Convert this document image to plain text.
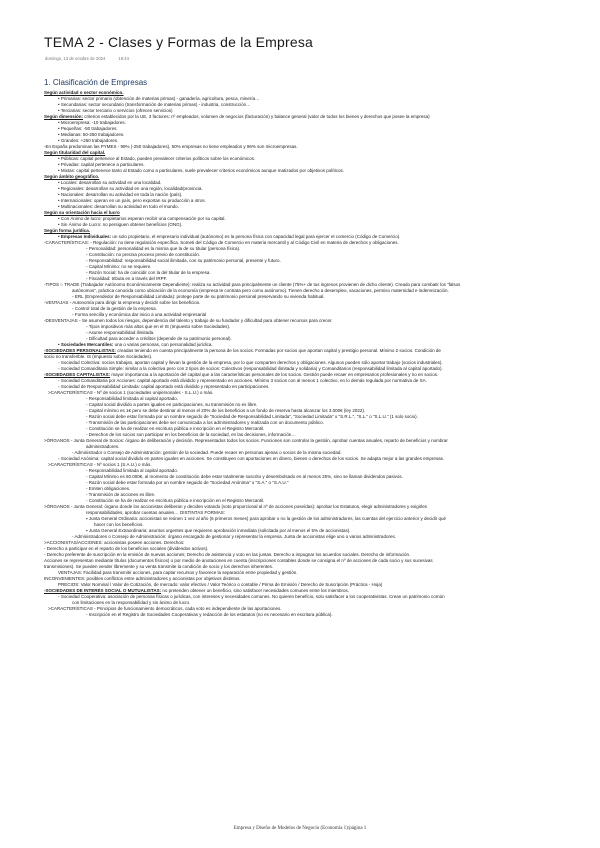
TEMA 2 - Clases y Formas de la Empresa
domingo, 13 de octubre de 2024	18:44
1. Clasificación de Empresas
Según actividad o sector económico.
• Primarias: sector primario (obtención de materias primas) - ganadería, agricultura, pesca, minería…
• Secundarias: sector secundario (transformación de materias primas) - industria, construcción…
• Terciarias: sector terciario o servicios (ofrecen servicios)
Según dimensión: criterios establecidos por la UE, 3 factores: nº empleados, volumen de negocios (facturación) y balance general (valor de todos los bienes y derechos que posee la empresa)
• Microempresa: -10 trabajadores.
• Pequeñas: -50 trabajadores.
• Medianas: 50-250 trabajadores.
• Grandes: +250 trabajadores.
-En España predominan las PYMES - 99% (-250 trabajadores), 50% empresas no tiene empleados y 96% son microempresas.
Según titularidad del capital.
• Públicas: capital pertenece al Estado, pueden prevalecer criterios políticos sobre los económicos.
• Privadas: capital pertenece a particulares.
• Mixtas: capital pertenece tanto al Estado como a particulares, suele prevalecer criterios económicos aunque matizados por objetivos políticos.
Según ámbito geográfico.
• Locales: desarrollan su actividad en una localidad.
• Regionales: desarrollan su actividad en una región, localidad/provincia.
• Nacionales: desarrollan su actividad en toda la nación (país).
• Internacionales: operan en un país, pero exportan su producción a otros.
• Multinacionales: desarrollan su actividad en todo el mundo.
Según su orientación hacia el lucro
• Con Ánimo de lucro: propietarios esperan recibir una compensación por su capital.
• Sin Ánimo de Lucro: no persiguen obtener beneficios (ONG).
Según forma jurídica.
• Empresas Individuales: un solo propietario, el empresario individual (autónomo) es la persona física con capacidad legal para ejercer el comercio (Código de Comercio).
-CARACTERÍSTICAS: ◦ Regulación: no tiene regulación específica. Someti del Código de Comercio en materia mercantil y al Código Civil en materia de derechos y obligaciones.
◦ Personalidad: personalidad es la misma que la de su titular (persona física).
◦ Constitución: no precisa proceso previo de constitución.
◦ Responsabilidad: responsabilidad social ilimitada, con su patrimonio personal, presente y futuro.
◦ Capital Mínimo: no se requiere.
◦ Razón Social: ha de coincidir con la del titular de la empresa.
◦ Fiscalidad: tributa en a través del IRPF.
-TIPOS ○ TRADE (Trabajador Autónomo Económicamente Dependiente): realiza su actividad para principalmente un cliente (75%+ de tus ingresos provienen de dicho cliente). Creado para combatir los "falsos
autónomos", práctica conocida como ubicación de la economía (empresa te contrata pero como autónomo). Tienen derecho a desempleo, vacaciones, permiso maternidad e indemnización.
◦ ERL (Emprendedor de Responsabilidad Limitada): protege parte de su patrimonio personal preservando su vivienda habitual.
-VENTAJAS ◦ Autonomía para dirigir la empresa y decidir sobre los beneficios.
◦ Control total de la gestión de la empresa.
◦ Forma sencilla y económica dar inicio a una actividad empresarial
-DESVENTAJAS ◦ Se asumen todos los riesgos, dependencia del talento y trabajo de su fundador y dificultad para obtener recursos para crecer.
◦ Tipos impositivos más altos que en el IS (Impuesto sobre Sociedades).
◦ Asume responsabilidad ilimitada.
◦ Dificultad para acceder a créditos (depende de su patrimonio personal).
• Sociedades Mercantiles: una o varias personas, con personalidad jurídica.
-SOCIEDADES PERSONALISTAS: creadas teniendo en cuenta principalmente la persona de los socios. Formadas por socios que aportan capital y prestigio personal. Mínimo 2 socios. Condición de
socio no transferible. IS (Impuesto sobre Sociedades).
◦ Sociedad Colectiva: socios trabajan, aportan capital y llevan la gestión de la empresa, por lo que comparten derechos y obligaciones. Algunos pueden sólo aportar trabajo (socios industriales).
◦ Sociedad Comanditaria Simple: similar a la colectiva pero con 2 tipos de socios: Colectivos (responsabilidad ilimitada y solidaria) y Comanditarios (responsabilidad limitada al capital aportado).
-SOCIEDADES CAPITALISTAS: mayor importancia a la aportación del capital que a las características personales de los socios. Gestión puede recaer en empresarios profesionales y no en socios.
◦ Sociedad Comanditaria por Acciones: capital aportado está dividido y representado en acciones. Mínimo 3 socios con al menos 1 colectivo, en lo demás regulada por normativa de SA.
◦ Sociedad de Responsabilidad Limitada: capital aportado está dividido y representado en participaciones.
>CARACTERÍSTICAS - Nº de socios 1 (sociedades unipersonales - S.L.U.) o más.
- Responsabilidad limitada al capital aportado.
- Capital social dividido a partes iguales en participaciones, su transmisión no es libre.
- Capital mínimo es 1€ pero se debe destinar al menos el 20% de los beneficios a un fondo de reserva hasta alcanzar los 3.000€ (ley 2022).
- Razón social debe estar formada por un nombre seguido de "Sociedad de Responsabilidad Limitada", "Sociedad Limitada" o "S.R.L.", "S.L." o "S.L.U." (1 solo socio).
- Transmisión de las participaciones debe ser comunicada a los administradores y realizada con un documento público.
- Constitución se ha de realizar en escritura pública e inscripción en el Registro Mercantil.
- Derechos de los socios son participar en los beneficios de la sociedad, en las decisiones, información…
>ÓRGANOS - Junta General de Socios: órgano de deliberación y decisión. Representados todos los socios. Funciones son controlar la gestión, aprobar cuentas anuales, reparto de beneficios y nombrar
administradores.
- Administrador o Consejo de Administración: gestión de la sociedad. Puede recaer en personas ajenas o socios de la misma sociedad.
◦ Sociedad Anónima: capital social dividido en partes iguales en acciones. Se constituyen con aportaciones en dinero, bienes o derechos de los socios. Se adapta mejor a las grandes empresas.
>CARACTERÍSTICAS - Nº socios 1 (S.A.U.) o más.
- Responsabilidad limitada al capital aportado.
- Capital Mínimo es 60.000€, al momento de constitución debe estar totalmente suscrito y desembolsado en al menos 25%, sino se llaman dividendos pasivos.
- Razón social debe estar formada por un nombre seguido de "Sociedad Anónima" o "S.A." o "S.A.U."
- Emiten obligaciones.
- Transmisión de acciones es libre.
- Constitución se ha de realizar en escritura pública e inscripción en el Registro Mercantil.
>ÓRGANOS - Junta General: órgano donde los accionistas deliberan y deciden votando (voto proporcional al nº de acciones poseídas): aprobar los Estatutos, elegir administradores y exigirles
responsabilidades, aprobar cuentas anuales… DISTINTAS FORMAS:
▪ Junta General Ordinaria: accionistas se reúnen 1 vez al año (6 primeros meses) para aprobar o no la gestión de los administradores, las cuentas del ejercicio anterior y decidir qué
hacer con los beneficios.
▪ Junta General Extraordinaria: asuntos urgentes que requieren aprobación inmediata (solicitada por al menos el 5% de accionistas).
- Administradores o Consejo de Administración: órgano encargado de gestionar y representar la empresa. Junta de accionistas elige uno o varios administradores.
>ACCIONISTAS/ACCIONES: accionistas poseen acciones. Derechos:
- Derecho a participar en el reparto de los beneficios sociales (dividendos activos).
- Derecho preferente de suscripción en la emisión de nuevas acciones; Derecho de asistencia y voto en las juntas. Derecho a impugnar los acuerdos sociales. Derecho de información.
Acciones se representan mediante títulos (documentos físicos) o por medio de anotaciones en cuenta (inscripciones contables donde se consigna el nº de acciones de cada socio y sus sucesivas
transmisiones). Se pueden vender libremente y su venta transmite la condición de socio y los derechos inherentes.
VENTAJAS: Facilidad para transmitir acciones, para captar recursos y favorece la separación entre propiedad y gestión.
INCONVENIENTES: posibles conflictos entre administradores y accionistas por objetivos distintos.
PRECIOS: Valor Nominal / Valor de Cotización, de mercado: valor efectivo / Valor Teórico o contable / Prima de Emisión / Derecho de Suscripción (Práctica - Hoja)
-SOCIEDADES DE INTERÉS SOCIAL O MUTUALISTAS: no pretenden obtener un beneficio, sino satisfacer necesidades comunes entre los miembros.
◦ Sociedad Cooperativa: asociación de personas físicas o jurídicas, con intereses y necesidades comunes. No quieren beneficio, solo satisfacer a los cooperativistas. Crean un patrimonio común
con limitaciones en la responsabilidad y sin ánimo de lucro.
>CARACTERÍSTICAS - Principios de funcionamiento democráticos, cada voto es independiente de las aportaciones.
- Inscripción en el Registro de Sociedades Cooperativas y redacción de los estatutos (no es necesario en escritura pública).
Empresa y Diseño de Modelos de Negocio (Economía 1)/página 1
